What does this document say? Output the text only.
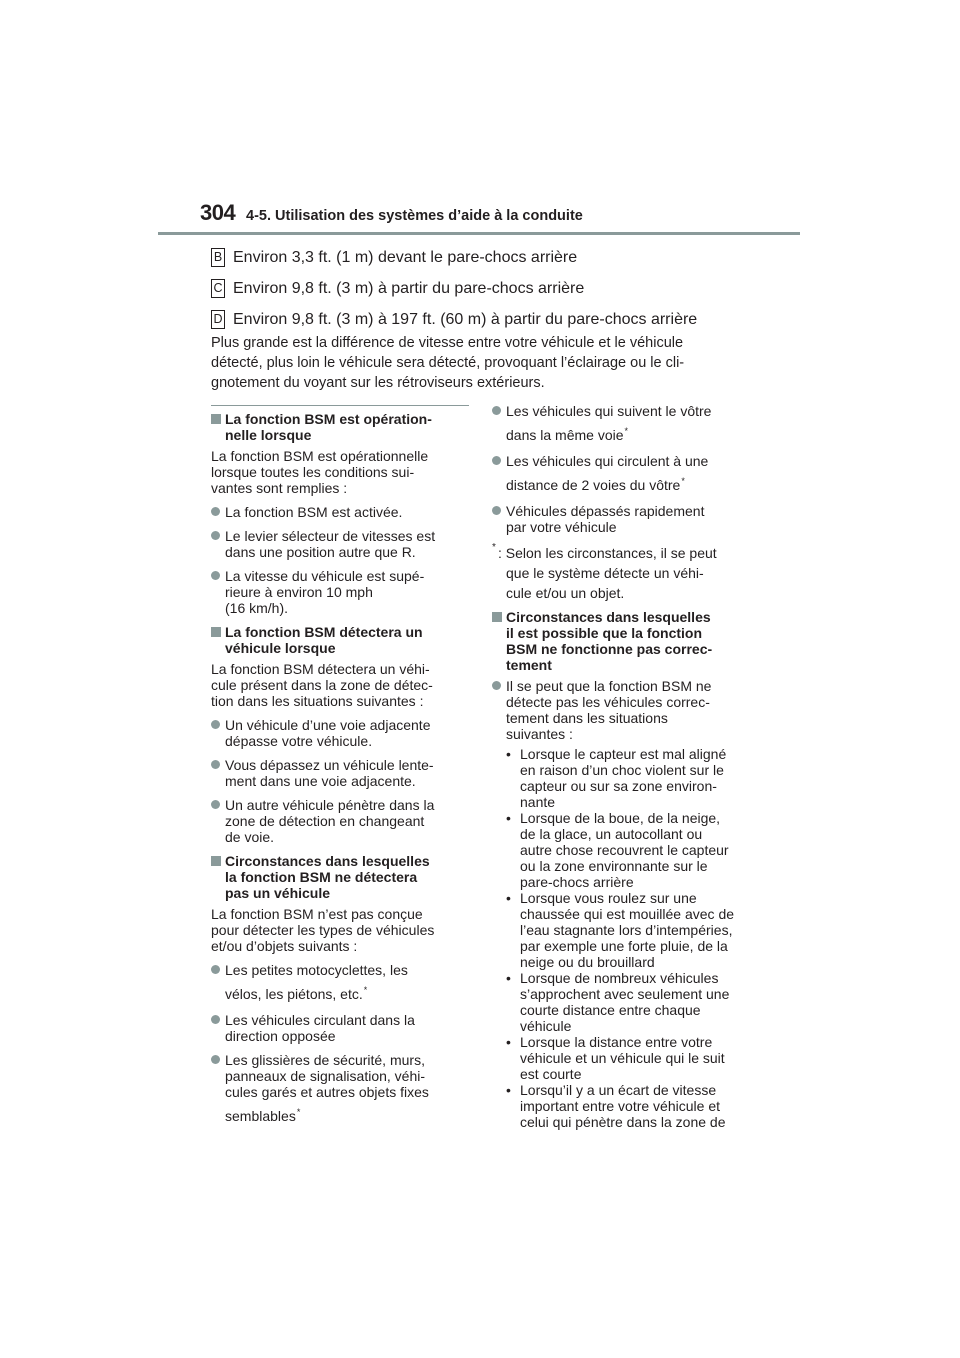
304 4-5. Utilisation des systèmes d’aide à la conduite
B Environ 3,3 ft. (1 m) devant le pare-chocs arrière
C Environ 9,8 ft. (3 m) à partir du pare-chocs arrière
D Environ 9,8 ft. (3 m) à 197 ft. (60 m) à partir du pare-chocs arrière
Plus grande est la différence de vitesse entre votre véhicule et le véhicule
détecté, plus loin le véhicule sera détecté, provoquant l’éclairage ou le cli-
gnotement du voyant sur les rétroviseurs extérieurs.
La fonction BSM est opération-
nelle lorsque
La fonction BSM est opérationnelle
lorsque toutes les conditions sui-
vantes sont remplies :
La fonction BSM est activée.
Le levier sélecteur de vitesses est
dans une position autre que R.
La vitesse du véhicule est supé-
rieure à environ 10 mph
(16 km/h).
La fonction BSM détectera un
véhicule lorsque
La fonction BSM détectera un véhi-
cule présent dans la zone de détec-
tion dans les situations suivantes :
Un véhicule d’une voie adjacente
dépasse votre véhicule.
Vous dépassez un véhicule lente-
ment dans une voie adjacente.
Un autre véhicule pénètre dans la
zone de détection en changeant
de voie.
Circonstances dans lesquelles
la fonction BSM ne détectera
pas un véhicule
La fonction BSM n’est pas conçue
pour détecter les types de véhicules
et/ou d’objets suivants :
Les petites motocyclettes, les
vélos, les piétons, etc.*
Les véhicules circulant dans la
direction opposée
Les glissières de sécurité, murs,
panneaux de signalisation, véhi-
cules garés et autres objets fixes
semblables*
Les véhicules qui suivent le vôtre
dans la même voie*
Les véhicules qui circulent à une
distance de 2 voies du vôtre*
Véhicules dépassés rapidement
par votre véhicule
* : Selon les circonstances, il se peut
que le système détecte un véhi-
cule et/ou un objet.
Circonstances dans lesquelles
il est possible que la fonction
BSM ne fonctionne pas correc-
tement
Il se peut que la fonction BSM ne
détecte pas les véhicules correc-
tement dans les situations
suivantes :
• Lorsque le capteur est mal aligné
en raison d’un choc violent sur le
capteur ou sur sa zone environ-
nante
• Lorsque de la boue, de la neige,
de la glace, un autocollant ou
autre chose recouvrent le capteur
ou la zone environnante sur le
pare-chocs arrière
• Lorsque vous roulez sur une
chaussée qui est mouillée avec de
l’eau stagnante lors d’intempéries,
par exemple une forte pluie, de la
neige ou du brouillard
• Lorsque de nombreux véhicules
s’approchent avec seulement une
courte distance entre chaque
véhicule
• Lorsque la distance entre votre
véhicule et un véhicule qui le suit
est courte
• Lorsqu’il y a un écart de vitesse
important entre votre véhicule et
celui qui pénètre dans la zone de
